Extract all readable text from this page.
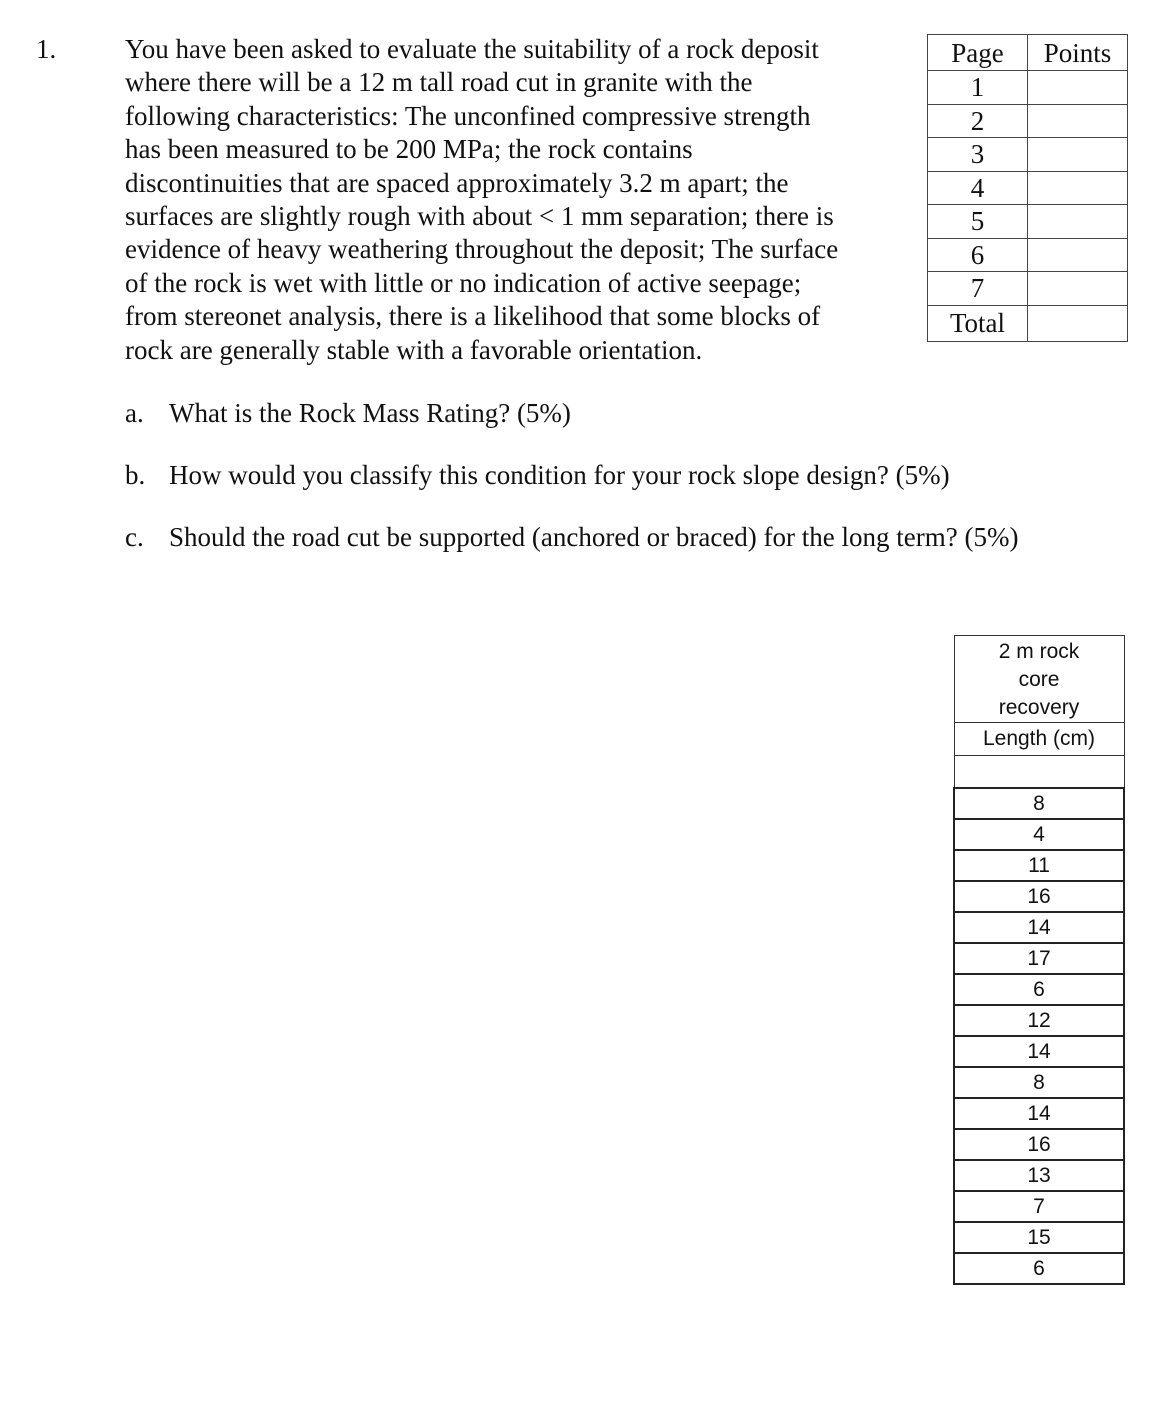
1.	You have been asked to evaluate the suitability of a rock deposit
where there will be a 12 m tall road cut in granite with the
following characteristics: The unconfined compressive strength
has been measured to be 200 MPa; the rock contains
discontinuities that are spaced approximately 3.2 m apart; the
surfaces are slightly rough with about < 1 mm separation; there is
evidence of heavy weathering throughout the deposit; The surface
of the rock is wet with little or no indication of active seepage;
from stereonet analysis, there is a likelihood that some blocks of
rock are generally stable with a favorable orientation.
Page	Points
1	
2	
3	
4	
5	
6	
7	
Total	
a. What is the Rock Mass Rating? (5%)
b. How would you classify this condition for your rock slope design? (5%)
c. Should the road cut be supported (anchored or braced) for the long term? (5%)
2 m rock
core
recovery

Length (cm)

8
4
11
16
14
17
6
12
14
8
14
16
13
7
15
6
